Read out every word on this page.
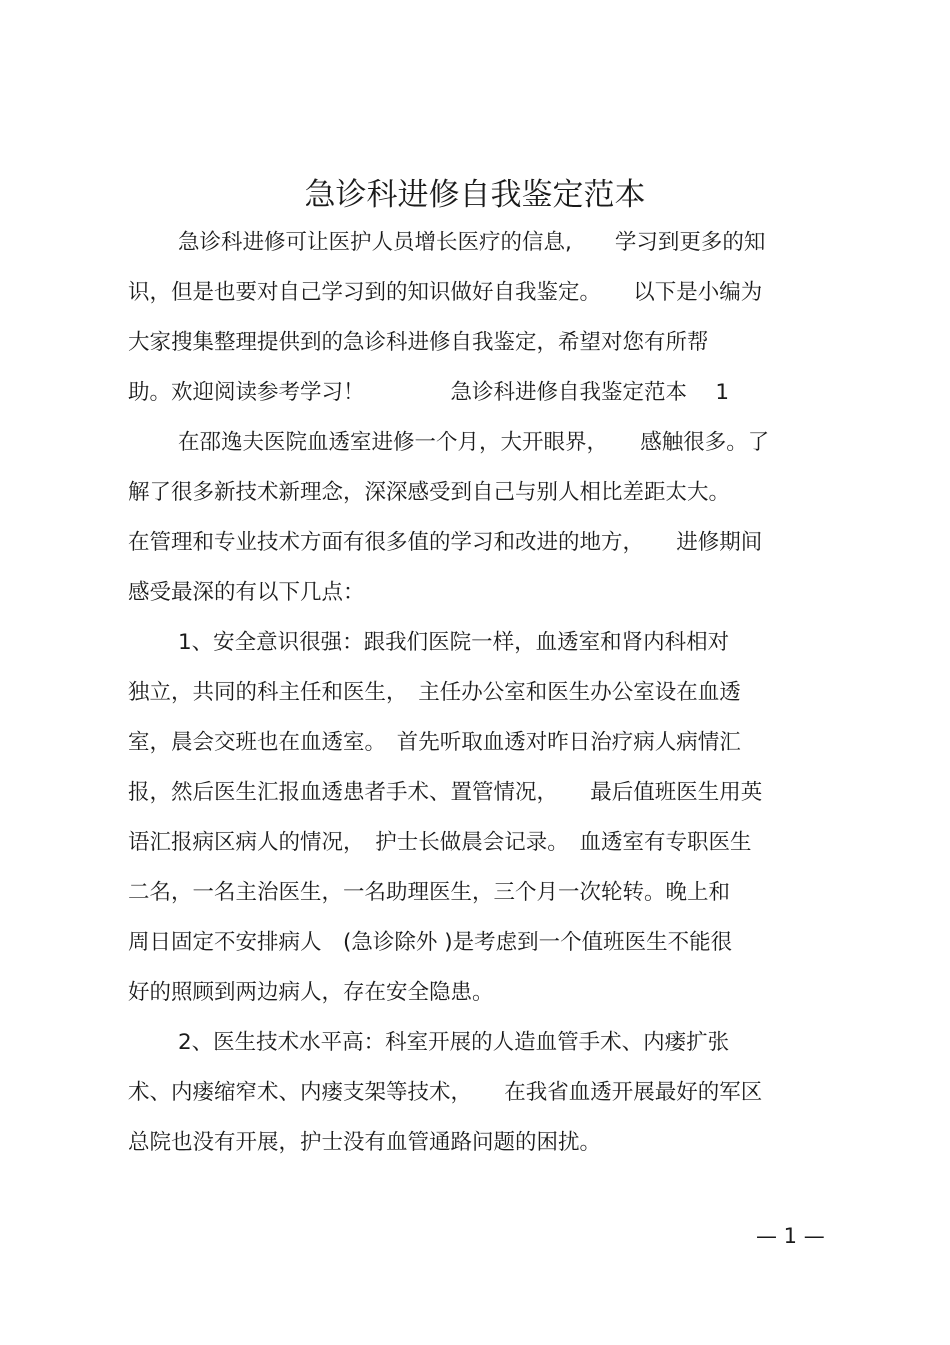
急诊科进修自我鉴定范本
急诊科进修可让医护人员增长医疗的信息,　　学习到更多的知
识，但是也要对自己学习到的知识做好自我鉴定。　　以下是小编为
大家搜集整理提供到的急诊科进修自我鉴定，希望对您有所帮
助。欢迎阅读参考学习！　　　　急诊科进修自我鉴定范本　 1
在邵逸夫医院血透室进修一个月，大开眼界，　　感触很多。了
解了很多新技术新理念，深深感受到自己与别人相比差距太大。
在管理和专业技术方面有很多值的学习和改进的地方，　　进修期间
感受最深的有以下几点：
1、安全意识很强：跟我们医院一样，血透室和肾内科相对
独立，共同的科主任和医生，　主任办公室和医生办公室设在血透
室，晨会交班也在血透室。　首先听取血透对昨日治疗病人病情汇
报，然后医生汇报血透患者手术、置管情况，　　最后值班医生用英
语汇报病区病人的情况，　护士长做晨会记录。　血透室有专职医生
二名，一名主治医生，一名助理医生，三个月一次轮转。晚上和
周日固定不安排病人　(急诊除外 )是考虑到一个值班医生不能很
好的照顾到两边病人，存在安全隐患。
2、医生技术水平高：科室开展的人造血管手术、内瘘扩张
术、内瘘缩窄术、内瘘支架等技术，　　在我省血透开展最好的军区
总院也没有开展，护士没有血管通路问题的困扰。
— 1 —
